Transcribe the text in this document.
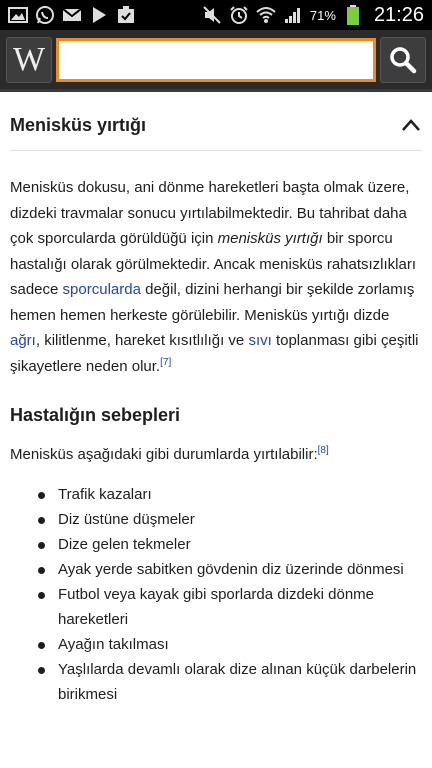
71% 21:26
W
Menisküs yırtığı

Menisküs dokusu, ani dönme hareketleri başta olmak üzere, dizdeki travmalar sonucu yırtılabilmektedir. Bu tahribat daha çok sporcularda görüldüğü için menisküs yırtığı bir sporcu hastalığı olarak görülmektedir. Ancak menisküs rahatsızlıkları sadece sporcularda değil, dizini herhangi bir şekilde zorlamış hemen hemen herkeste görülebilir. Menisküs yırtığı dizde ağrı, kilitlenme, hareket kısıtlılığı ve sıvı toplanması gibi çeşitli şikayetlere neden olur.[7]

Hastalığın sebepleri

Menisküs aşağıdaki gibi durumlarda yırtılabilir:[8]

Trafik kazaları
Diz üstüne düşmeler
Dize gelen tekmeler
Ayak yerde sabitken gövdenin diz üzerinde dönmesi
Futbol veya kayak gibi sporlarda dizdeki dönme hareketleri
Ayağın takılması
Yaşlılarda devamlı olarak dize alınan küçük darbelerin birikmesi
